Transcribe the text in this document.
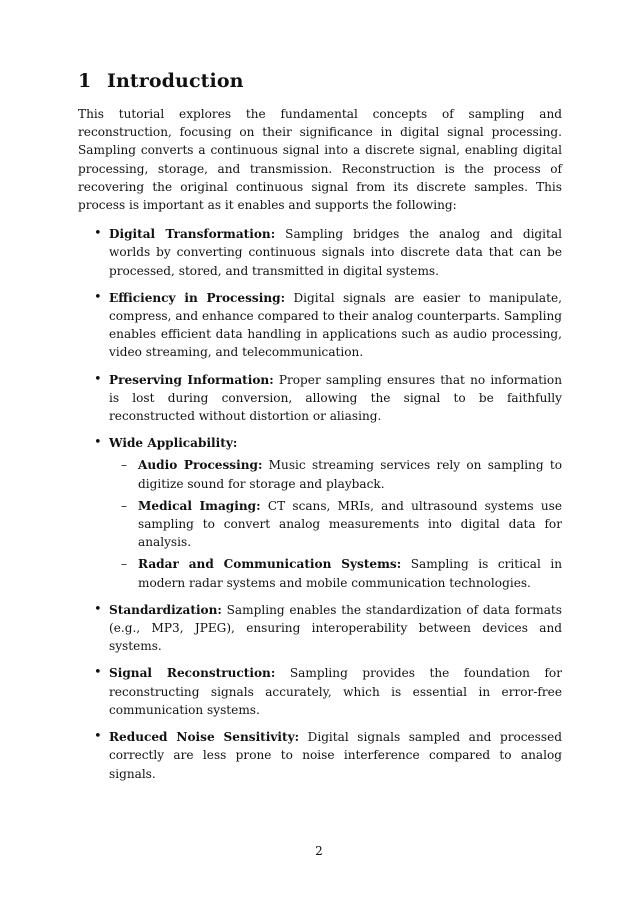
1 Introduction

This tutorial explores the fundamental concepts of sampling and reconstruction, focusing on their significance in digital signal processing. Sampling converts a continuous signal into a discrete signal, enabling digital processing, storage, and transmission. Reconstruction is the process of recovering the original continuous signal from its discrete samples. This process is important as it enables and supports the following:

• Digital Transformation: Sampling bridges the analog and digital worlds by converting continuous signals into discrete data that can be processed, stored, and transmitted in digital systems.
• Efficiency in Processing: Digital signals are easier to manipulate, compress, and enhance compared to their analog counterparts. Sampling enables efficient data handling in applications such as audio processing, video streaming, and telecommunication.
• Preserving Information: Proper sampling ensures that no information is lost during conversion, allowing the signal to be faithfully reconstructed without distortion or aliasing.
• Wide Applicability:
– Audio Processing: Music streaming services rely on sampling to digitize sound for storage and playback.
– Medical Imaging: CT scans, MRIs, and ultrasound systems use sampling to convert analog measurements into digital data for analysis.
– Radar and Communication Systems: Sampling is critical in modern radar systems and mobile communication technologies.
• Standardization: Sampling enables the standardization of data formats (e.g., MP3, JPEG), ensuring interoperability between devices and systems.
• Signal Reconstruction: Sampling provides the foundation for reconstructing signals accurately, which is essential in error-free communication systems.
• Reduced Noise Sensitivity: Digital signals sampled and processed correctly are less prone to noise interference compared to analog signals.
2
